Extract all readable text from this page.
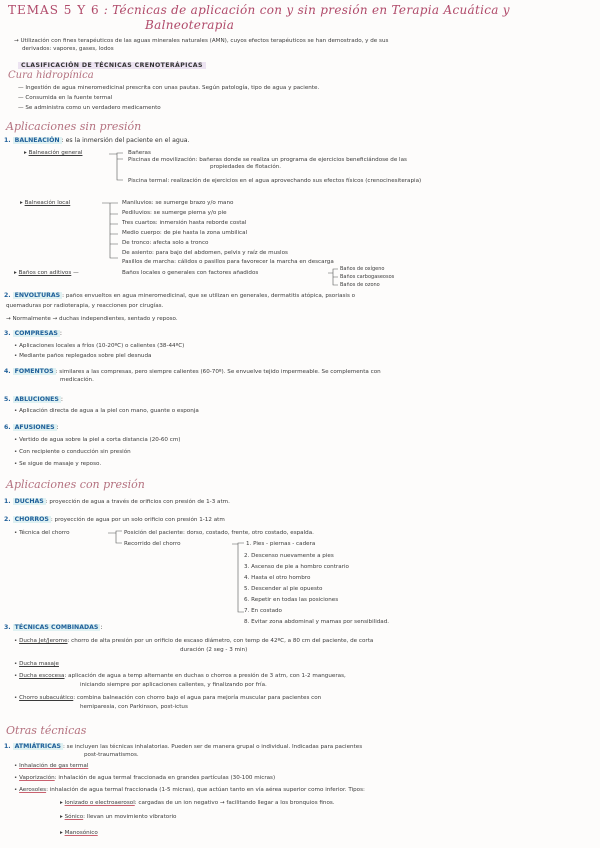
TEMAS 5 Y 6 : Técnicas de aplicación con y sin presión en Terapia Acuática y
Balneoterapia
→ Utilización con fines terapéuticos de las aguas minerales naturales (AMN), cuyos efectos terapéuticos se han demostrado, y de sus
derivados: vapores, gases, lodos
CLASIFICACIÓN DE TÉCNICAS CRENOTERÁPICAS
Cura hidropínica
— Ingestión de agua mineromedicinal prescrita con unas pautas. Según patología, tipo de agua y paciente.
— Consumida en la fuente termal
— Se administra como un verdadero medicamento
Aplicaciones sin presión
1. BALNEACIÓN : es la inmersión del paciente en el agua.
▸ Balneación general	Bañeras
Piscinas de movilización: bañeras donde se realiza un programa de ejercicios beneficiándose de las
propiedades de flotación.
Piscina termal: realización de ejercicios en el agua aprovechando sus efectos físicos (crenocinesiterapia)
▸ Balneación local	Maniluvios: se sumerge brazo y/o mano
Pediluvios: se sumerge pierna y/o pie
Tres cuartos: inmersión hasta reborde costal
Medio cuerpo: de pie hasta la zona umbilical
De tronco: afecta solo a tronco
De asiento: para bajo del abdomen, pelvis y raíz de muslos
Pasillos de marcha: cálidos o pasillos para favorecer la marcha en descarga
▸ Baños con aditivos —	Baños locales o generales con factores añadidos
Baños de oxígeno
Baños carbogaseosos
Baños de ozono
2. ENVOLTURAS : paños envueltos en agua mineromedicinal, que se utilizan en generales, dermatitis atópica, psoriasis o
quemaduras por radioterapia, y reacciones por cirugías.
→ Normalmente → duchas independientes, sentado y reposo.
3. COMPRESAS :
• Aplicaciones locales a fríos (10-20ºC) o calientes (38-44ºC)
• Mediante paños replegados sobre piel desnuda
4. FOMENTOS : similares a las compresas, pero siempre calientes (60-70º). Se envuelve tejido impermeable. Se complementa con
medicación.
5. ABLUCIONES :
• Aplicación directa de agua a la piel con mano, guante o esponja
6. AFUSIONES :
• Vertido de agua sobre la piel a corta distancia (20-60 cm)
• Con recipiente o conducción sin presión
• Se sigue de masaje y reposo.
Aplicaciones con presión
1. DUCHAS : proyección de agua a través de orificios con presión de 1-3 atm.
2. CHORROS : proyección de agua por un solo orificio con presión 1-12 atm
• Técnica del chorro	Posición del paciente: dorso, costado, frente, otro costado, espalda.
Recorrido del chorro	1. Pies - piernas - cadera
2. Descenso nuevamente a pies
3. Ascenso de pie a hombro contrario
4. Hasta el otro hombro
5. Descender al pie opuesto
6. Repetir en todas las posiciones
7. En costado
8. Evitar zona abdominal y mamas por sensibilidad.
3. TÉCNICAS COMBINADAS :
• Ducha Jet/Jerome: chorro de alta presión por un orificio de escaso diámetro, con temp de 42ºC, a 80 cm del paciente, de corta
duración (2 seg - 3 min)
• Ducha masaje
• Ducha escocesa: aplicación de agua a temp alternante en duchas o chorros a presión de 3 atm, con 1-2 mangueras,
iniciando siempre por aplicaciones calientes, y finalizando por fría.
• Chorro subacuático: combina balneación con chorro bajo el agua para mejoría muscular para pacientes con
hemiparesia, con Parkinson, post-ictus
Otras técnicas
1. ATMIÁTRICAS : se incluyen las técnicas inhalatorias. Pueden ser de manera grupal o individual. Indicadas para pacientes
post-traumatismos.
• Inhalación de gas termal
• Vaporización: inhalación de agua termal fraccionada en grandes partículas (30-100 micras)
• Aerosoles: inhalación de agua termal fraccionada (1-5 micras), que actúan tanto en vía aérea superior como inferior. Tipos:
▸ Ionizado o electroaerosol: cargadas de un ion negativo → facilitando llegar a los bronquios finos.
▸ Sónico: llevan un movimiento vibratorio
▸ Manosónico
